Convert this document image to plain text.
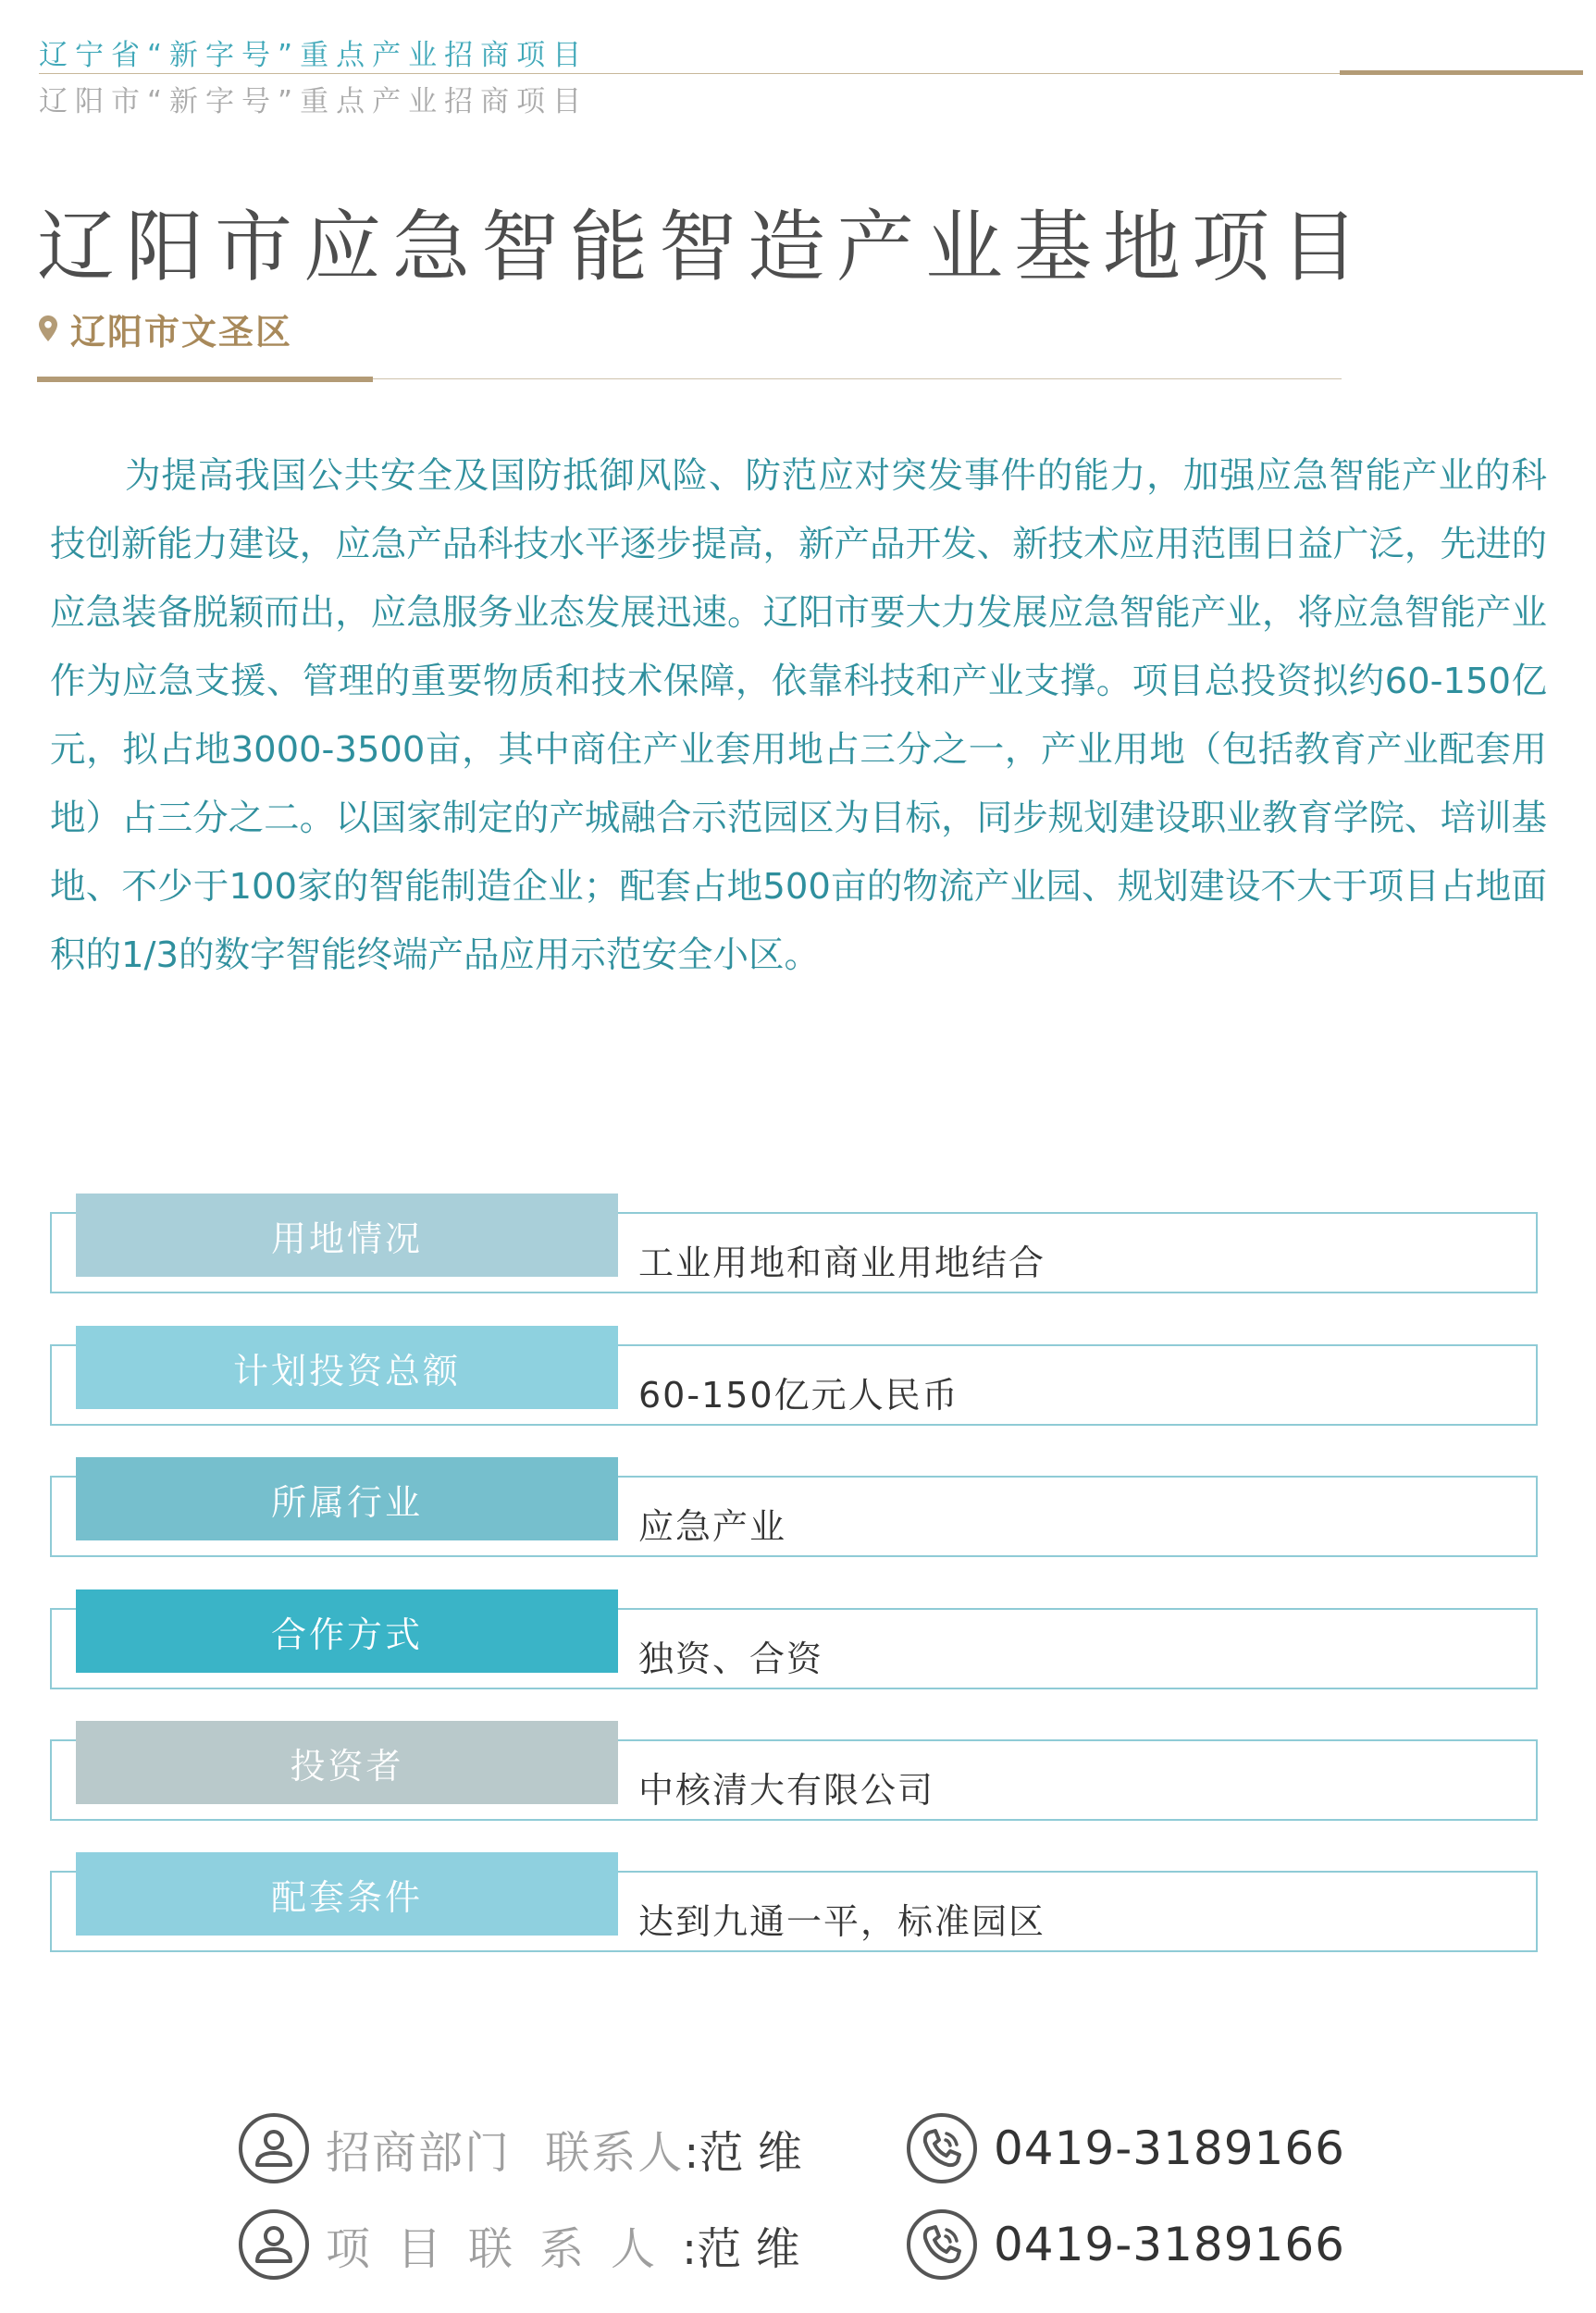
辽宁省“新字号”重点产业招商项目
辽阳市“新字号”重点产业招商项目
辽阳市应急智能智造产业基地项目
辽阳市文圣区

为提高我国公共安全及国防抵御风险、防范应对突发事件的能力，加强应急智能产业的科技创新能力建设，应急产品科技水平逐步提高，新产品开发、新技术应用范围日益广泛，先进的应急装备脱颖而出，应急服务业态发展迅速。辽阳市要大力发展应急智能产业，将应急智能产业作为应急支援、管理的重要物质和技术保障，依靠科技和产业支撑。项目总投资拟约60-150亿元，拟占地3000-3500亩，其中商住产业套用地占三分之一，产业用地（包括教育产业配套用地）占三分之二。以国家制定的产城融合示范园区为目标，同步规划建设职业教育学院、培训基地、不少于100家的智能制造企业；配套占地500亩的物流产业园、规划建设不大于项目占地面积的1/3的数字智能终端产品应用示范安全小区。

用地情况
工业用地和商业用地结合
计划投资总额
60-150亿元人民币
所属行业
应急产业
合作方式
独资、合资
投资者
中核清大有限公司
配套条件
达到九通一平，标准园区
招商部门 联系人:范 维	0419-3189166
项目联系人:范 维	0419-3189166
